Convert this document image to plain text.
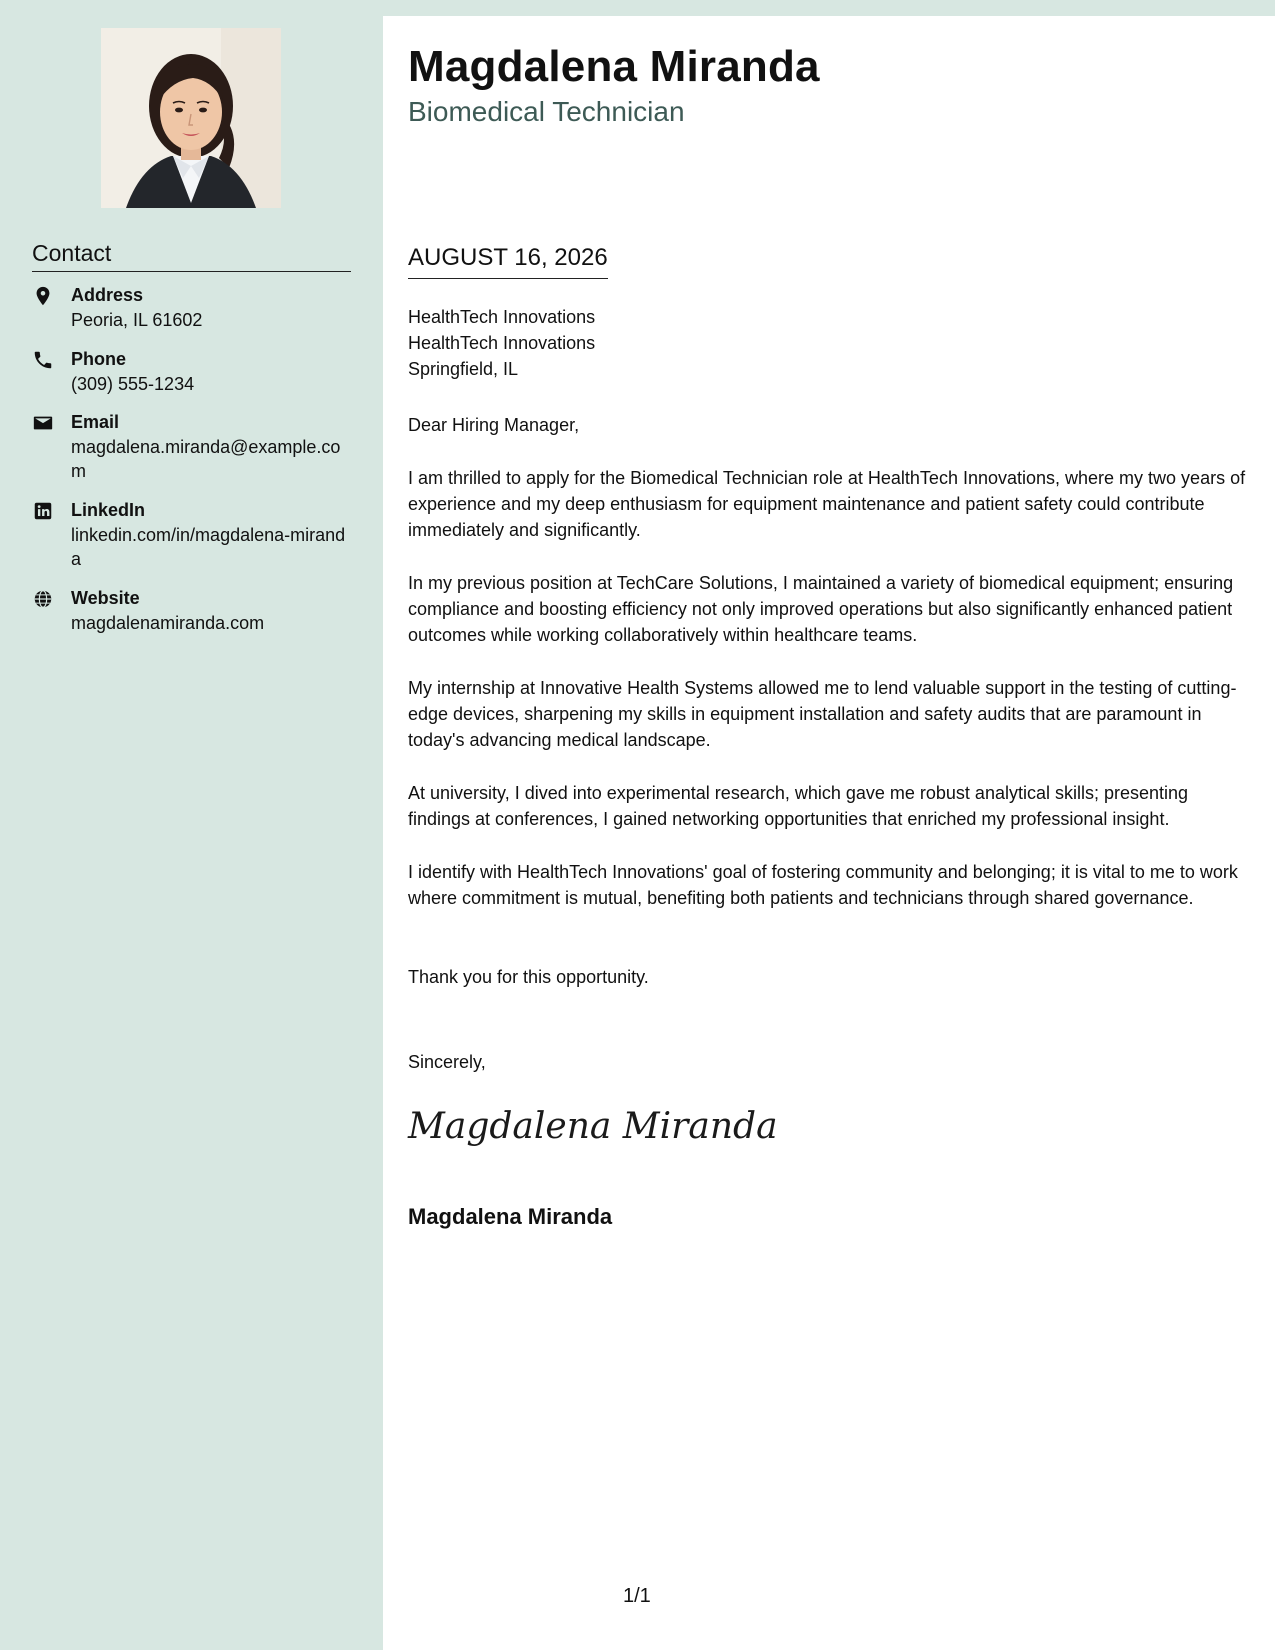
Contact
Address
Peoria, IL 61602
Phone
(309) 555-1234
Email
magdalena.miranda@example.com
LinkedIn
linkedin.com/in/magdalena-miranda
Website
magdalenamiranda.com
Magdalena Miranda
Biomedical Technician
AUGUST 16, 2026
HealthTech Innovations
HealthTech Innovations
Springfield, IL

Dear Hiring Manager,

I am thrilled to apply for the Biomedical Technician role at HealthTech Innovations, where my two years of experience and my deep enthusiasm for equipment maintenance and patient safety could contribute immediately and significantly.

In my previous position at TechCare Solutions, I maintained a variety of biomedical equipment; ensuring compliance and boosting efficiency not only improved operations but also significantly enhanced patient outcomes while working collaboratively within healthcare teams.

My internship at Innovative Health Systems allowed me to lend valuable support in the testing of cutting-edge devices, sharpening my skills in equipment installation and safety audits that are paramount in today's advancing medical landscape.

At university, I dived into experimental research, which gave me robust analytical skills; presenting findings at conferences, I gained networking opportunities that enriched my professional insight.

I identify with HealthTech Innovations' goal of fostering community and belonging; it is vital to me to work where commitment is mutual, benefiting both patients and technicians through shared governance.

Thank you for this opportunity.

Sincerely,

Magdalena Miranda
Magdalena Miranda
1/1
